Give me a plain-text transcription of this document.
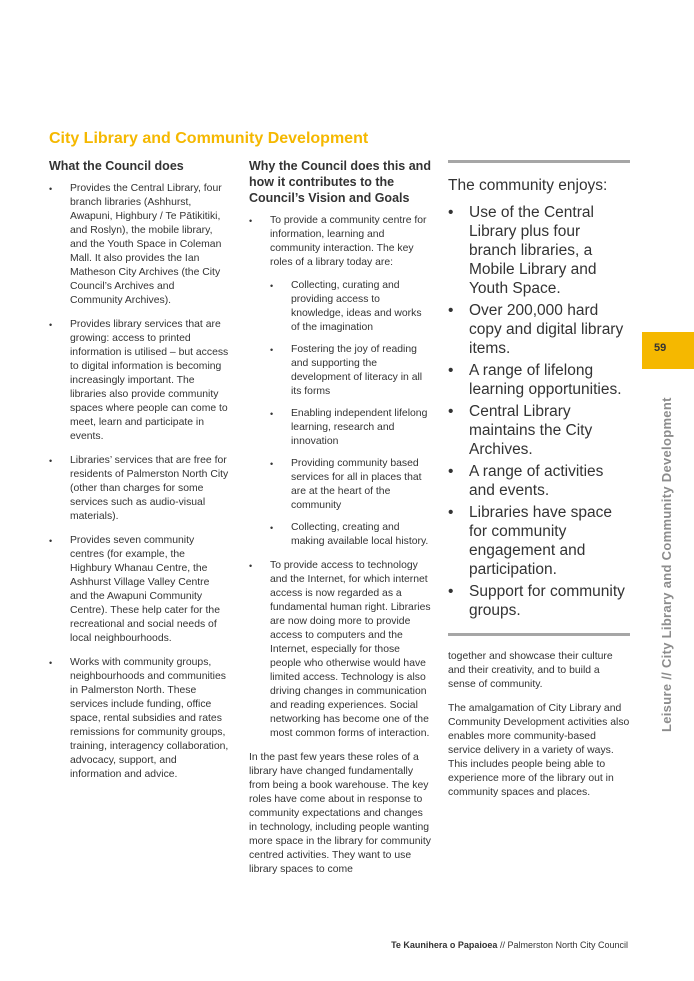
City Library and Community Development
What the Council does
• Provides the Central Library, four branch libraries (Ashhurst, Awapuni, Highbury / Te Pātikitiki, and Roslyn), the mobile library, and the Youth Space in Coleman Mall. It also provides the Ian Matheson City Archives (the City Council’s Archives and Community Archives).
• Provides library services that are growing: access to printed information is utilised – but access to digital information is becoming increasingly important. The libraries also provide community spaces where people can come to meet, learn and participate in events.
• Libraries’ services that are free for residents of Palmerston North City (other than charges for some services such as audio-visual materials).
• Provides seven community centres (for example, the Highbury Whanau Centre, the Ashhurst Village Valley Centre and the Awapuni Community Centre). These help cater for the recreational and social needs of local neighbourhoods.
• Works with community groups, neighbourhoods and communities in Palmerston North. These services include funding, office space, rental subsidies and rates remissions for community groups, training, interagency collaboration, advocacy, support, and information and advice.
Why the Council does this and how it contributes to the Council’s Vision and Goals
• To provide a community centre for information, learning and community interaction. The key roles of a library today are:
• Collecting, curating and providing access to knowledge, ideas and works of the imagination
• Fostering the joy of reading and supporting the development of literacy in all its forms
• Enabling independent lifelong learning, research and innovation
• Providing community based services for all in places that are at the heart of the community
• Collecting, creating and making available local history.
• To provide access to technology and the Internet, for which internet access is now regarded as a fundamental human right. Libraries are now doing more to provide access to computers and the Internet, especially for those people who otherwise would have limited access. Technology is also driving changes in communication and reading experiences. Social networking has become one of the most common forms of interaction.

In the past few years these roles of a library have changed fundamentally from being a book warehouse. The key roles have come about in response to community expectations and changes in technology, including people wanting more space in the library for community centred activities. They want to use library spaces to come

The community enjoys:
• Use of the Central Library plus four branch libraries, a Mobile Library and Youth Space.
• Over 200,000 hard copy and digital library items.
• A range of lifelong learning opportunities.
• Central Library maintains the City Archives.
• A range of activities and events.
• Libraries have space for community engagement and participation.
• Support for community groups.

together and showcase their culture and their creativity, and to build a sense of community.

The amalgamation of City Library and Community Development activities also enables more community-based service delivery in a variety of ways. This includes people being able to experience more of the library out in community spaces and places.

59
Leisure // City Library and Community Development
Te Kaunihera o Papaioea // Palmerston North City Council
